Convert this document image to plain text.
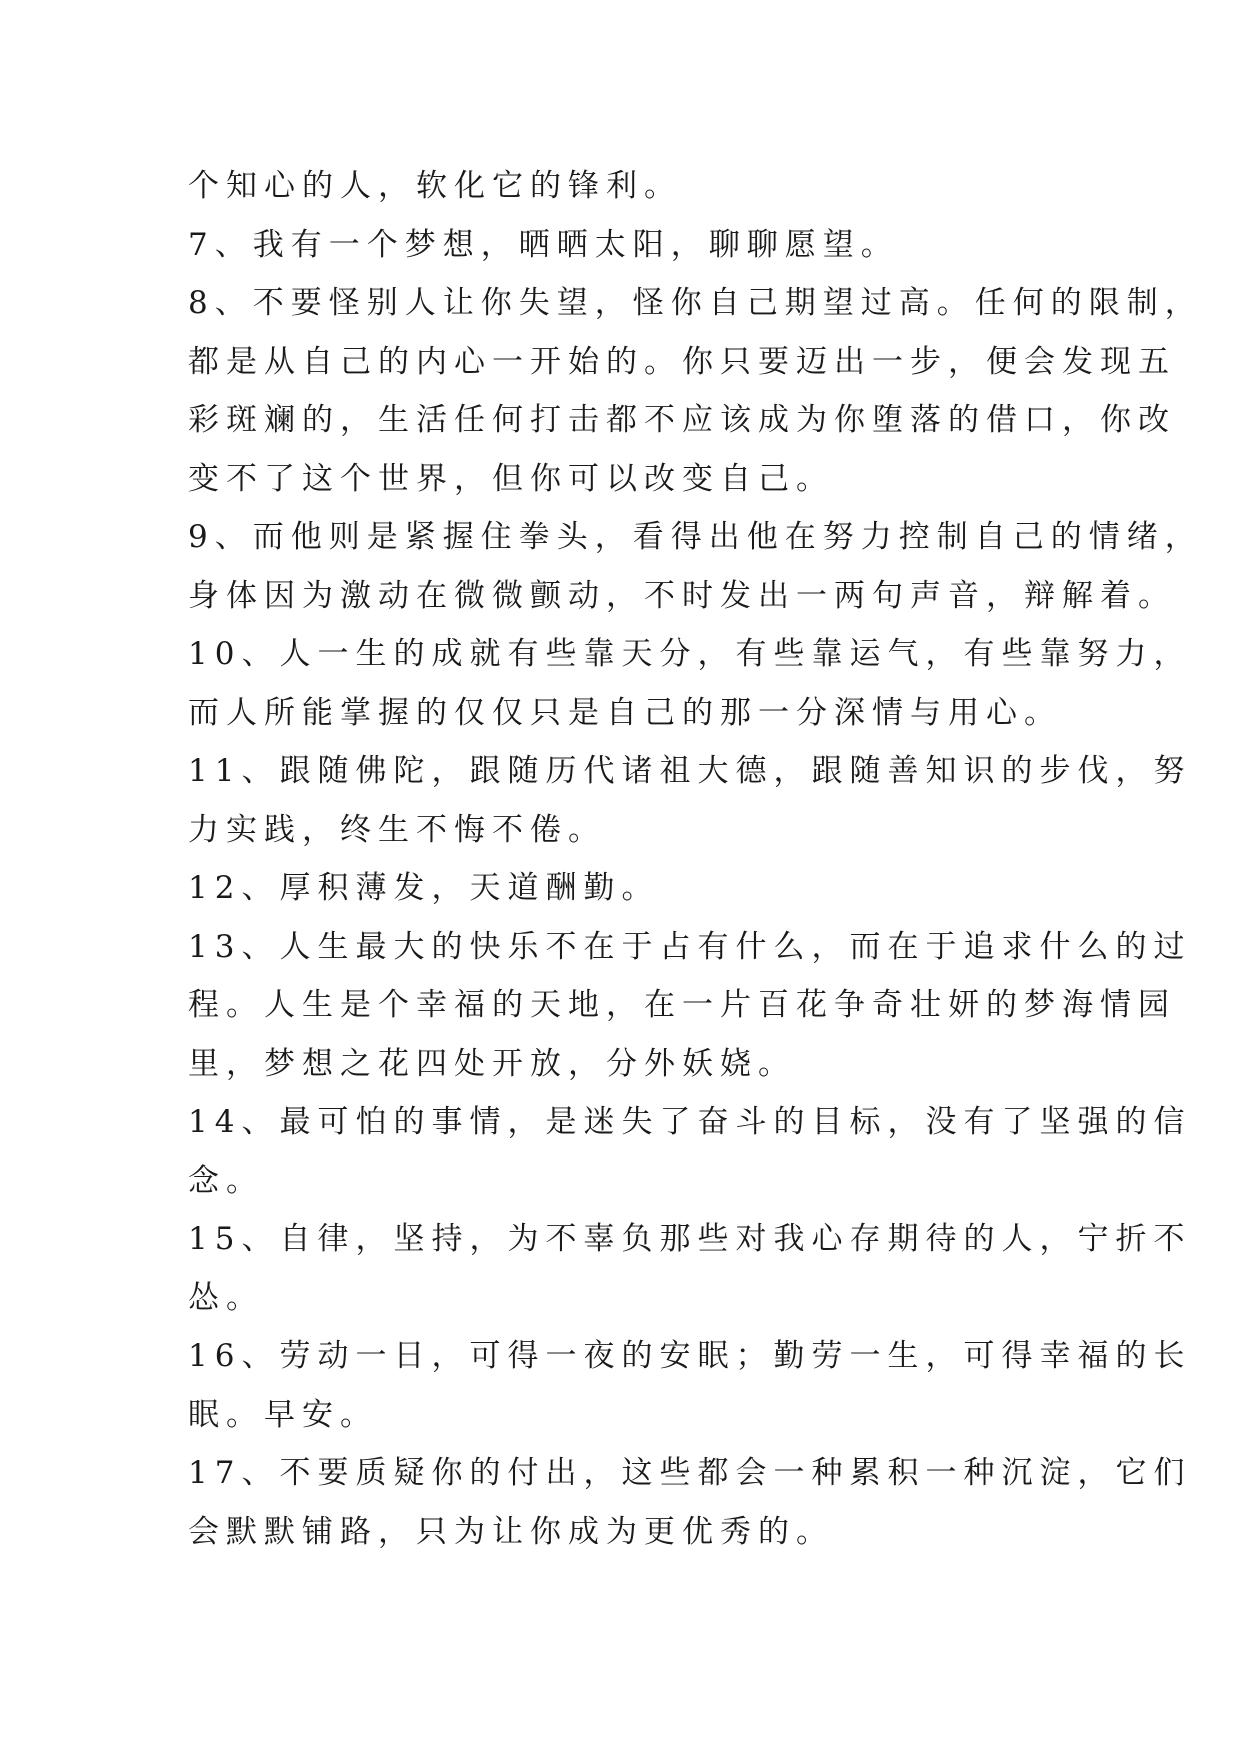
个知心的人，软化它的锋利。
7、我有一个梦想，晒晒太阳，聊聊愿望。
8、不要怪别人让你失望，怪你自己期望过高。任何的限制，
都是从自己的内心一开始的。你只要迈出一步，便会发现五
彩斑斓的，生活任何打击都不应该成为你堕落的借口，你改
变不了这个世界，但你可以改变自己。
9、而他则是紧握住拳头，看得出他在努力控制自己的情绪，
身体因为激动在微微颤动，不时发出一两句声音，辩解着。
10、人一生的成就有些靠天分，有些靠运气，有些靠努力，
而人所能掌握的仅仅只是自己的那一分深情与用心。
11、跟随佛陀，跟随历代诸祖大德，跟随善知识的步伐，努
力实践，终生不悔不倦。
12、厚积薄发，天道酬勤。
13、人生最大的快乐不在于占有什么，而在于追求什么的过
程。人生是个幸福的天地，在一片百花争奇壮妍的梦海情园
里，梦想之花四处开放，分外妖娆。
14、最可怕的事情，是迷失了奋斗的目标，没有了坚强的信
念。
15、自律，坚持，为不辜负那些对我心存期待的人，宁折不
怂。
16、劳动一日，可得一夜的安眠；勤劳一生，可得幸福的长
眠。早安。
17、不要质疑你的付出，这些都会一种累积一种沉淀，它们
会默默铺路，只为让你成为更优秀的。
